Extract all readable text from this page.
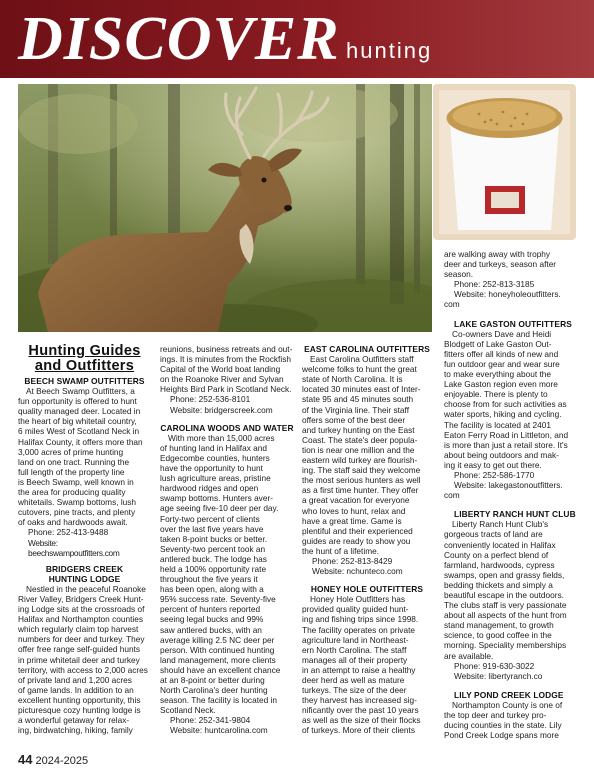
DISCOVER hunting
Hunting Guides
and Outfitters
BEECH SWAMP OUTFITTERS

At Beech Swamp Outfitters, a

fun opportunity is offered to hunt
quality managed deer. Located in
the heart of big whitetail country,
6 miles West of Scotland Neck in
Halifax County, it offers more than
3,000 acres of prime hunting
land on one tract. Running the
full length of the property line
is Beech Swamp, well known in
the area for producing quality
whitetails. Swamp bottoms, lush
cutovers, pine tracts, and plenty
of oaks and hardwoods await.
Phone: 252-413-9488
Website: beechswampoutfitters.com
BRIDGERS CREEK
HUNTING LODGE

Nestled in the peaceful Roanoke

River Valley, Bridgers Creek Hunt-
ing Lodge sits at the crossroads of
Halifax and Northampton counties
which regularly claim top harvest
numbers for deer and turkey. They
offer free range self-guided hunts
in prime whitetail deer and turkey
territory, with access to 2,000 acres
of private land and 1,200 acres
of game lands. In addition to an
excellent hunting opportunity, this
picturesque cozy hunting lodge is
a wonderful getaway for relax-
ing, birdwatching, hiking, family
reunions, business retreats and out-
ings. It is minutes from the Rockfish
Capital of the World boat landing
on the Roanoke River and Sylvan
Heights Bird Park in Scotland Neck.
Phone: 252-536-8101
Website: bridgerscreek.com
CAROLINA WOODS AND WATER

With more than 15,000 acres

of hunting land in Halifax and
Edgecombe counties, hunters
have the opportunity to hunt
lush agriculture areas, pristine
hardwood ridges and open
swamp bottoms. Hunters aver-
age seeing five-10 deer per day.
Forty-two percent of clients
over the last five years have
taken 8-point bucks or better.
Seventy-two percent took an
antlered buck. The lodge has
held a 100% opportunity rate
throughout the five years it
has been open, along with a
95% success rate. Seventy-five
percent of hunters reported
seeing legal bucks and 99%
saw antlered bucks, with an
average killing 2.5 NC deer per
person. With continued hunting
land management, more clients
should have an excellent chance
at an 8-point or better during
North Carolina's deer hunting
season. The facility is located in
Scotland Neck.
Phone: 252-341-9804
Website: huntcarolina.com
EAST CAROLINA OUTFITTERS

East Carolina Outfitters staff

welcome folks to hunt the great
state of North Carolina. It is
located 30 minutes east of Inter-
state 95 and 45 minutes south
of the Virginia line. Their staff
offers some of the best deer
and turkey hunting on the East
Coast. The state's deer popula-
tion is near one million and the
eastern wild turkey are flourish-
ing. The staff said they welcome
the most serious hunters as well
as a first time hunter. They offer
a great vacation for everyone
who loves to hunt, relax and
have a great time. Game is
plentiful and their experienced
guides are ready to show you
the hunt of a lifetime.
Phone: 252-813-8429
Website: nchunteco.com
HONEY HOLE OUTFITTERS

Honey Hole Outfitters has

provided quality guided hunt-
ing and fishing trips since 1998.
The facility operates on private
agriculture land in Northeast-
ern North Carolina. The staff
manages all of their property
in an attempt to raise a healthy
deer herd as well as mature
turkeys. The size of the deer
they harvest has increased sig-
nificantly over the past 10 years
as well as the size of their flocks
of turkeys. More of their clients
are walking away with trophy
deer and turkeys, season after
season.
Phone: 252-813-3185
Website: honeyholeoutfitters.
com
LAKE GASTON OUTFITTERS

Co-owners Dave and Heidi

Blodgett of Lake Gaston Out-
fitters offer all kinds of new and
fun outdoor gear and wear sure
to make everything about the
Lake Gaston region even more
enjoyable. There is plenty to
choose from for such activities as
water sports, hiking and cycling.
The facility is located at 2401
Eaton Ferry Road in Littleton, and
is more than just a retail store. It's
about being outdoors and mak-
ing it easy to get out there.
Phone: 252-586-1770
Website: lakegastonoutfitters.
com
LIBERTY RANCH HUNT CLUB

Liberty Ranch Hunt Club's

gorgeous tracts of land are
conveniently located in Halifax
County on a perfect blend of
farmland, hardwoods, cypress
swamps, open and grassy fields,
bedding thickets and simply a
beautiful escape in the outdoors.
The clubs staff is very passionate
about all aspects of the hunt from
stand management, to growth
science, to good coffee in the
morning. Speciality memberships
are available.
Phone: 919-630-3022
Website: libertyranch.co
LILY POND CREEK LODGE

Northampton County is one of

the top deer and turkey pro-
ducing counties in the state. Lily
Pond Creek Lodge spans more
44 2024-2025
